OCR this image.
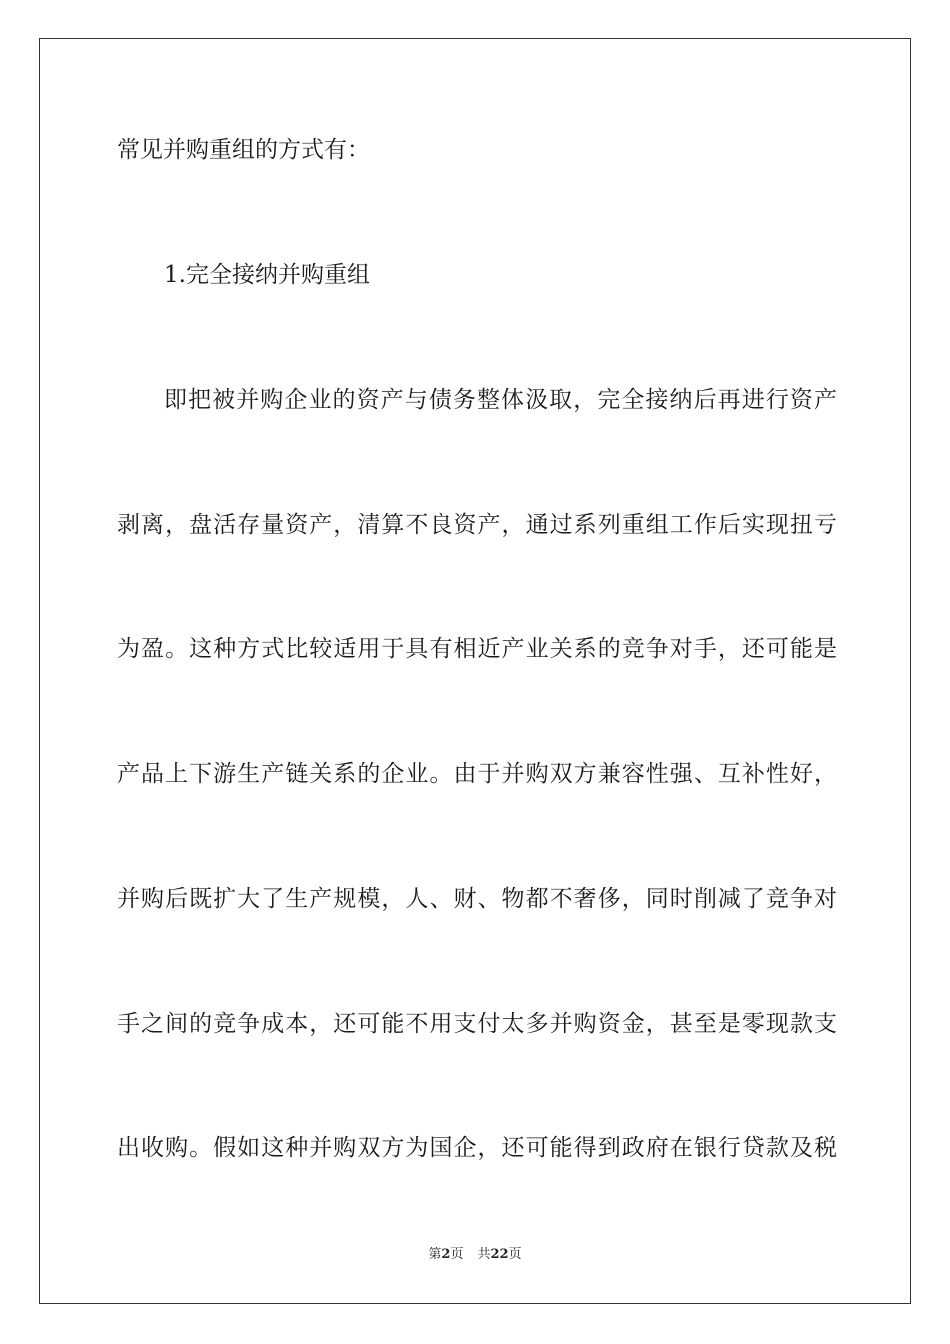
常见并购重组的方式有：
1.完全接纳并购重组
即把被并购企业的资产与债务整体汲取，完全接纳后再进行资产
剥离，盘活存量资产，清算不良资产，通过系列重组工作后实现扭亏
为盈。这种方式比较适用于具有相近产业关系的竞争对手，还可能是
产品上下游生产链关系的企业。由于并购双方兼容性强、互补性好，
并购后既扩大了生产规模，人、财、物都不奢侈，同时削减了竞争对
手之间的竞争成本，还可能不用支付太多并购资金，甚至是零现款支
出收购。假如这种并购双方为国企，还可能得到政府在银行贷款及税
第2页 共22页
